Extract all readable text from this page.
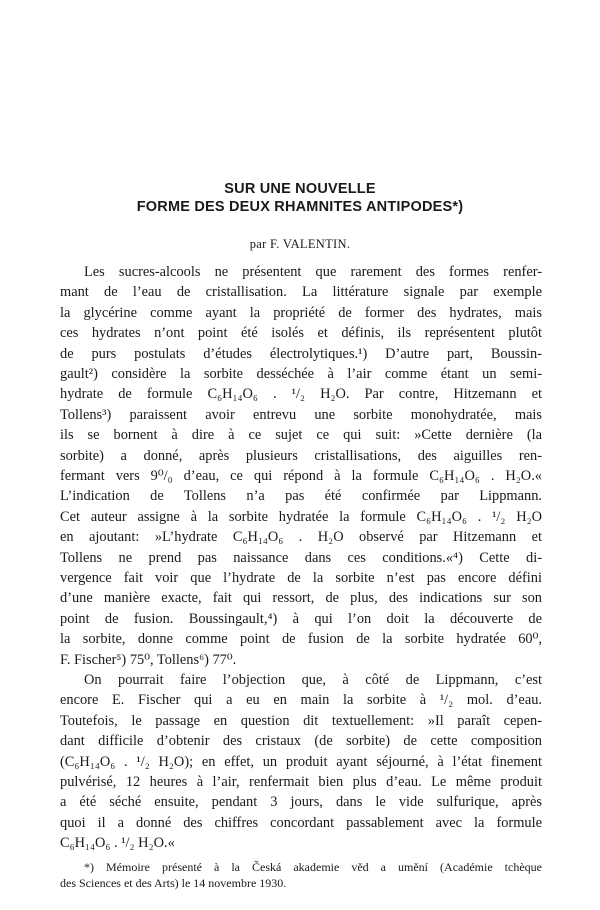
SUR UNE NOUVELLE
FORME DES DEUX RHAMNITES ANTIPODES*)
par F. VALENTIN.
Les sucres-alcools ne présentent que rarement des formes renfer-
mant de l’eau de cristallisation. La littérature signale par exemple
la glycérine comme ayant la propriété de former des hydrates, mais
ces hydrates n’ont point été isolés et définis, ils représentent plutôt
de purs postulats d’études électrolytiques.¹) D’autre part, Boussin-
gault²) considère la sorbite desséchée à l’air comme étant un semi-
hydrate de formule C₆H₁₄O₆ . ¹/₂ H₂O. Par contre, Hitzemann et
Tollens³) paraissent avoir entrevu une sorbite monohydratée, mais
ils se bornent à dire à ce sujet ce qui suit: »Cette dernière (la
sorbite) a donné, après plusieurs cristallisations, des aiguilles ren-
fermant vers 9⁰/₀ d’eau, ce qui répond à la formule C₆H₁₄O₆ . H₂O.«
L’indication de Tollens n’a pas été confirmée par Lippmann.
Cet auteur assigne à la sorbite hydratée la formule C₆H₁₄O₆ . ¹/₂ H₂O
en ajoutant: »L’hydrate C₆H₁₄O₆ . H₂O observé par Hitzemann et
Tollens ne prend pas naissance dans ces conditions.«⁴) Cette di-
vergence fait voir que l’hydrate de la sorbite n’est pas encore défini
d’une manière exacte, fait qui ressort, de plus, des indications sur son
point de fusion. Boussingault,⁴) à qui l’on doit la découverte de
la sorbite, donne comme point de fusion de la sorbite hydratée 60⁰,
F. Fischer⁵) 75⁰, Tollens⁶) 77⁰.
On pourrait faire l’objection que, à côté de Lippmann, c’est
encore E. Fischer qui a eu en main la sorbite à ¹/₂ mol. d’eau.
Toutefois, le passage en question dit textuellement: »Il paraît cepen-
dant difficile d’obtenir des cristaux (de sorbite) de cette composition
(C₆H₁₄O₆ . ¹/₂ H₂O); en effet, un produit ayant séjourné, à l’état finement
pulvérisé, 12 heures à l’air, renfermait bien plus d’eau. Le même produit
a été séché ensuite, pendant 3 jours, dans le vide sulfurique, après
quoi il a donné des chiffres concordant passablement avec la formule
C₆H₁₄O₆ . ¹/₂ H₂O.«
*) Mémoire présenté à la Česká akademie věd a umění (Académie tchèque
des Sciences et des Arts) le 14 novembre 1930.
